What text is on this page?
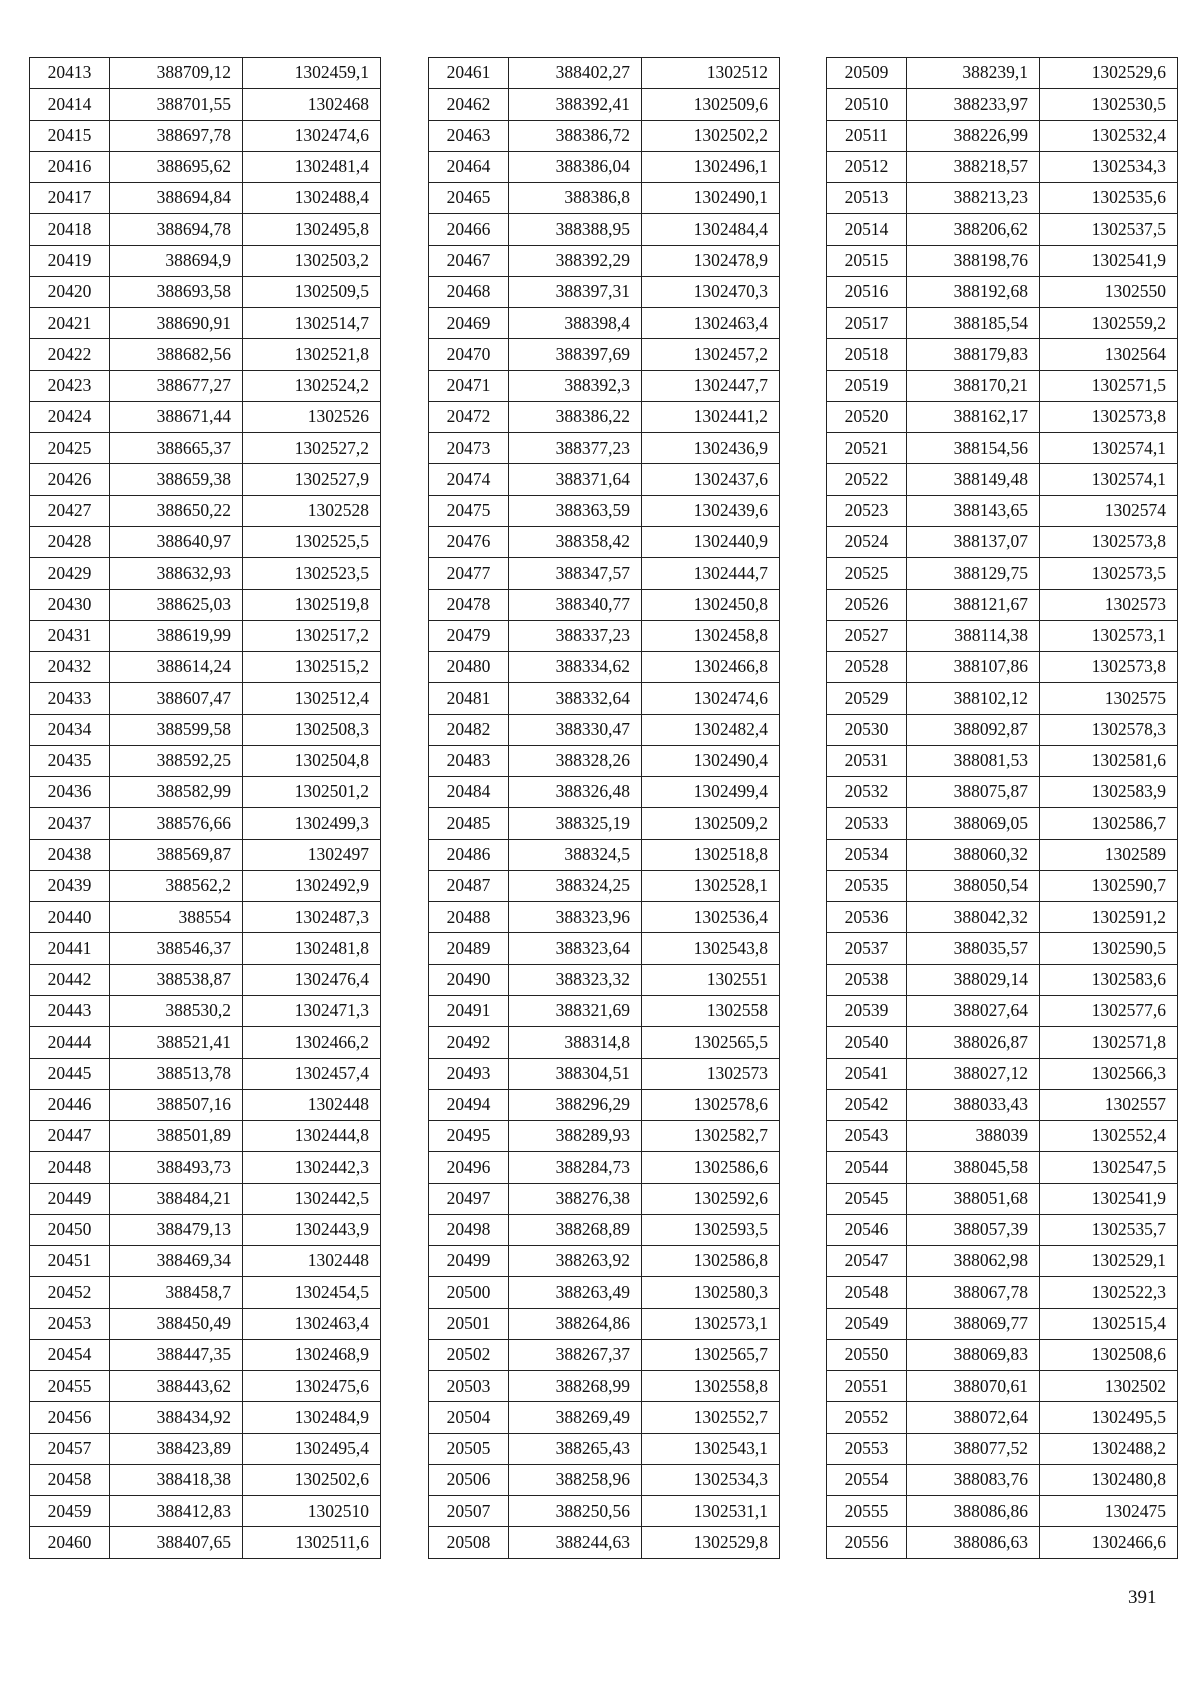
20413	388709,12	1302459,1
20414	388701,55	1302468
20415	388697,78	1302474,6
20416	388695,62	1302481,4
20417	388694,84	1302488,4
20418	388694,78	1302495,8
20419	388694,9	1302503,2
20420	388693,58	1302509,5
20421	388690,91	1302514,7
20422	388682,56	1302521,8
20423	388677,27	1302524,2
20424	388671,44	1302526
20425	388665,37	1302527,2
20426	388659,38	1302527,9
20427	388650,22	1302528
20428	388640,97	1302525,5
20429	388632,93	1302523,5
20430	388625,03	1302519,8
20431	388619,99	1302517,2
20432	388614,24	1302515,2
20433	388607,47	1302512,4
20434	388599,58	1302508,3
20435	388592,25	1302504,8
20436	388582,99	1302501,2
20437	388576,66	1302499,3
20438	388569,87	1302497
20439	388562,2	1302492,9
20440	388554	1302487,3
20441	388546,37	1302481,8
20442	388538,87	1302476,4
20443	388530,2	1302471,3
20444	388521,41	1302466,2
20445	388513,78	1302457,4
20446	388507,16	1302448
20447	388501,89	1302444,8
20448	388493,73	1302442,3
20449	388484,21	1302442,5
20450	388479,13	1302443,9
20451	388469,34	1302448
20452	388458,7	1302454,5
20453	388450,49	1302463,4
20454	388447,35	1302468,9
20455	388443,62	1302475,6
20456	388434,92	1302484,9
20457	388423,89	1302495,4
20458	388418,38	1302502,6
20459	388412,83	1302510
20460	388407,65	1302511,6
20461	388402,27	1302512
20462	388392,41	1302509,6
20463	388386,72	1302502,2
20464	388386,04	1302496,1
20465	388386,8	1302490,1
20466	388388,95	1302484,4
20467	388392,29	1302478,9
20468	388397,31	1302470,3
20469	388398,4	1302463,4
20470	388397,69	1302457,2
20471	388392,3	1302447,7
20472	388386,22	1302441,2
20473	388377,23	1302436,9
20474	388371,64	1302437,6
20475	388363,59	1302439,6
20476	388358,42	1302440,9
20477	388347,57	1302444,7
20478	388340,77	1302450,8
20479	388337,23	1302458,8
20480	388334,62	1302466,8
20481	388332,64	1302474,6
20482	388330,47	1302482,4
20483	388328,26	1302490,4
20484	388326,48	1302499,4
20485	388325,19	1302509,2
20486	388324,5	1302518,8
20487	388324,25	1302528,1
20488	388323,96	1302536,4
20489	388323,64	1302543,8
20490	388323,32	1302551
20491	388321,69	1302558
20492	388314,8	1302565,5
20493	388304,51	1302573
20494	388296,29	1302578,6
20495	388289,93	1302582,7
20496	388284,73	1302586,6
20497	388276,38	1302592,6
20498	388268,89	1302593,5
20499	388263,92	1302586,8
20500	388263,49	1302580,3
20501	388264,86	1302573,1
20502	388267,37	1302565,7
20503	388268,99	1302558,8
20504	388269,49	1302552,7
20505	388265,43	1302543,1
20506	388258,96	1302534,3
20507	388250,56	1302531,1
20508	388244,63	1302529,8
20509	388239,1	1302529,6
20510	388233,97	1302530,5
20511	388226,99	1302532,4
20512	388218,57	1302534,3
20513	388213,23	1302535,6
20514	388206,62	1302537,5
20515	388198,76	1302541,9
20516	388192,68	1302550
20517	388185,54	1302559,2
20518	388179,83	1302564
20519	388170,21	1302571,5
20520	388162,17	1302573,8
20521	388154,56	1302574,1
20522	388149,48	1302574,1
20523	388143,65	1302574
20524	388137,07	1302573,8
20525	388129,75	1302573,5
20526	388121,67	1302573
20527	388114,38	1302573,1
20528	388107,86	1302573,8
20529	388102,12	1302575
20530	388092,87	1302578,3
20531	388081,53	1302581,6
20532	388075,87	1302583,9
20533	388069,05	1302586,7
20534	388060,32	1302589
20535	388050,54	1302590,7
20536	388042,32	1302591,2
20537	388035,57	1302590,5
20538	388029,14	1302583,6
20539	388027,64	1302577,6
20540	388026,87	1302571,8
20541	388027,12	1302566,3
20542	388033,43	1302557
20543	388039	1302552,4
20544	388045,58	1302547,5
20545	388051,68	1302541,9
20546	388057,39	1302535,7
20547	388062,98	1302529,1
20548	388067,78	1302522,3
20549	388069,77	1302515,4
20550	388069,83	1302508,6
20551	388070,61	1302502
20552	388072,64	1302495,5
20553	388077,52	1302488,2
20554	388083,76	1302480,8
20555	388086,86	1302475
20556	388086,63	1302466,6
391
